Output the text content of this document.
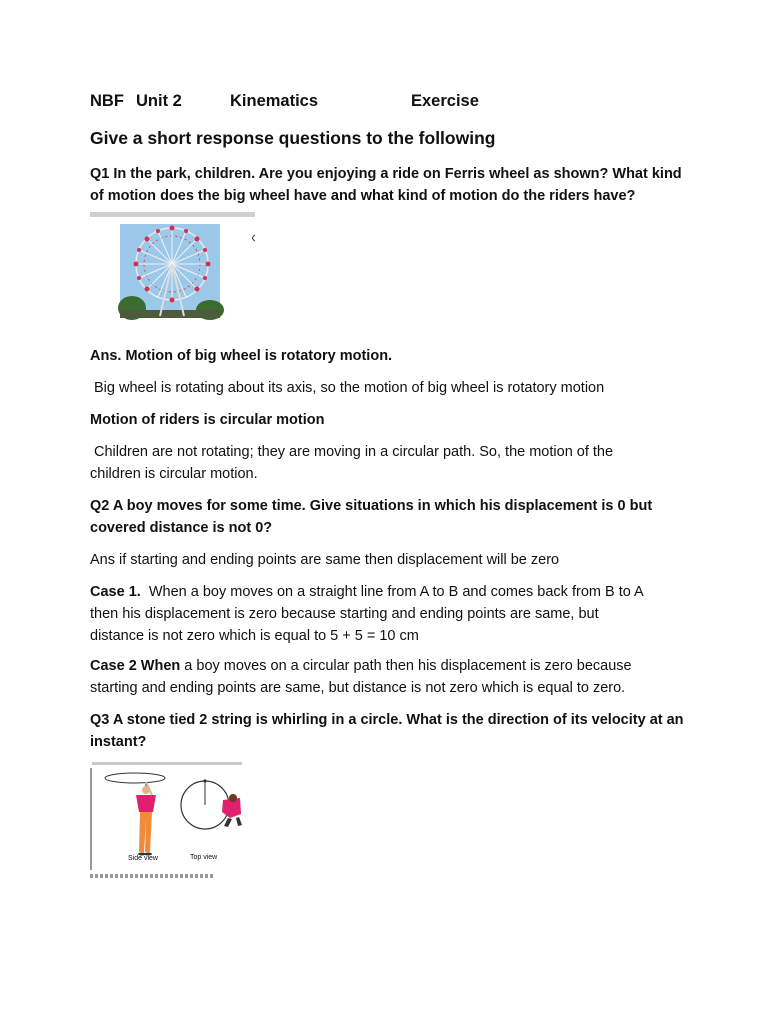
NBF Unit 2	Kinematics	Exercise
Give a short response questions to the following
Q1 In the park, children. Are you enjoying a ride on Ferris wheel as shown? What kind
of motion does the big wheel have and what kind of motion do the riders have?
Ans. Motion of big wheel is rotatory motion.
Big wheel is rotating about its axis, so the motion of big wheel is rotatory motion
Motion of riders is circular motion
Children are not rotating; they are moving in a circular path. So, the motion of the
children is circular motion.
Q2 A boy moves for some time. Give situations in which his displacement is 0 but
covered distance is not 0?
Ans if starting and ending points are same then displacement will be zero
Case 1. When a boy moves on a straight line from A to B and comes back from B to A
then his displacement is zero because starting and ending points are same, but
distance is not zero which is equal to 5 + 5 = 10 cm
Case 2 When a boy moves on a circular path then his displacement is zero because
starting and ending points are same, but distance is not zero which is equal to zero.
Q3 A stone tied 2 string is whirling in a circle. What is the direction of its velocity at an
instant?
Side view	Top view
